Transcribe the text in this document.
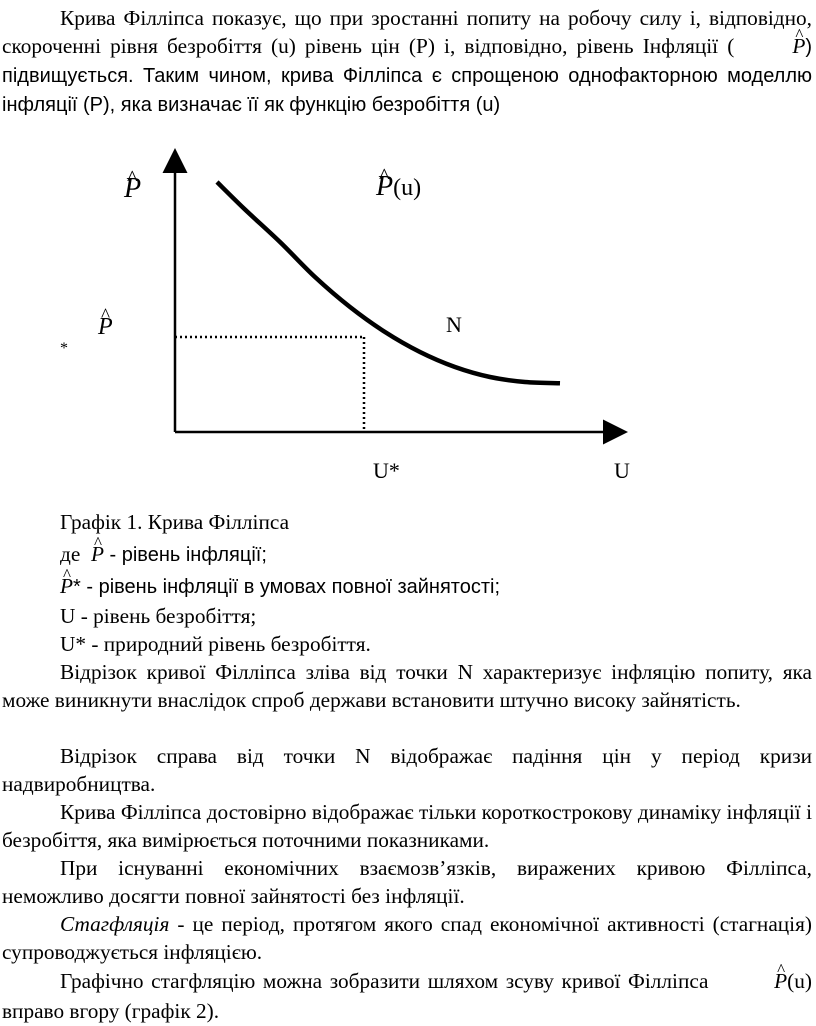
Крива Філліпса показує, що при зростанні попиту на робочу силу і, відповідно, скороченні рівня безробіття (u) рівень цін (Р) і, відповідно, рівень Інфляції (	^ P) підвищується. Таким чином, крива Філліпса є спрощеною однофакторною моделлю інфляції (Р), яка визначає її як функцію безробіття (u)

^ P	^ P(u)
^ P
*
N
U*	U
Графік 1. Крива Філліпса
де ^ P - рівень інфляції;
^ P* - рівень інфляції в умовах повної зайнятості;
U - рівень безробіття;
U* - природний рівень безробіття.

Відрізок кривої Філліпса зліва від точки N характеризує інфляцію попиту, яка може виникнути внаслідок спроб держави встановити штучно високу зайнятість.

Відрізок справа від точки N відображає падіння цін у період кризи надвиробництва.

Крива Філліпса достовірно відображає тільки короткострокову динаміку інфляції і безробіття, яка вимірюється поточними показниками.

При існуванні економічних взаємозв’язків, виражених кривою Філліпса, неможливо досягти повної зайнятості без інфляції.

Стагфляція - це період, протягом якого спад економічної активності (стагнація) супроводжується інфляцією.

Графічно стагфляцію можна зобразити шляхом зсуву кривої Філліпса	^ P(u) вправо вгору (графік 2).
